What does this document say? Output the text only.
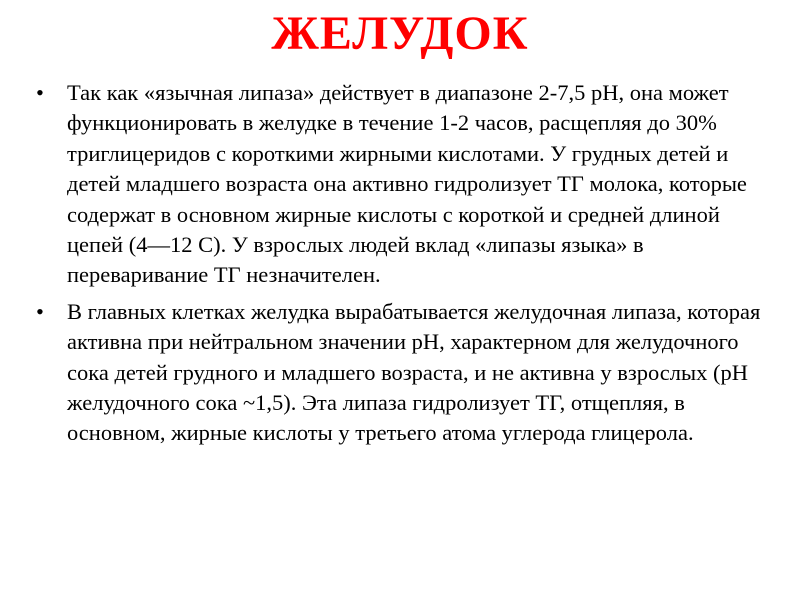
ЖЕЛУДОК
•	Так как «язычная липаза» действует в диапазоне 2-7,5 рН, она может функционировать в желудке в течение 1-2 часов, расщепляя до 30% триглицеридов с короткими жирными кислотами. У грудных детей и детей младшего возраста она активно гидролизует ТГ молока, которые содержат в основном жирные кислоты с короткой и средней длиной цепей (4—12 С). У взрослых людей вклад «липазы языка» в переваривание ТГ незначителен.
•	В главных клетках желудка вырабатывается желудочная липаза, которая активна при нейтральном значении рН, характерном для желудочного сока детей грудного и младшего возраста, и не активна у взрослых (рН желудочного сока ~1,5). Эта липаза гидролизует ТГ, отщепляя, в основном, жирные кислоты у третьего атома углерода глицерола.
